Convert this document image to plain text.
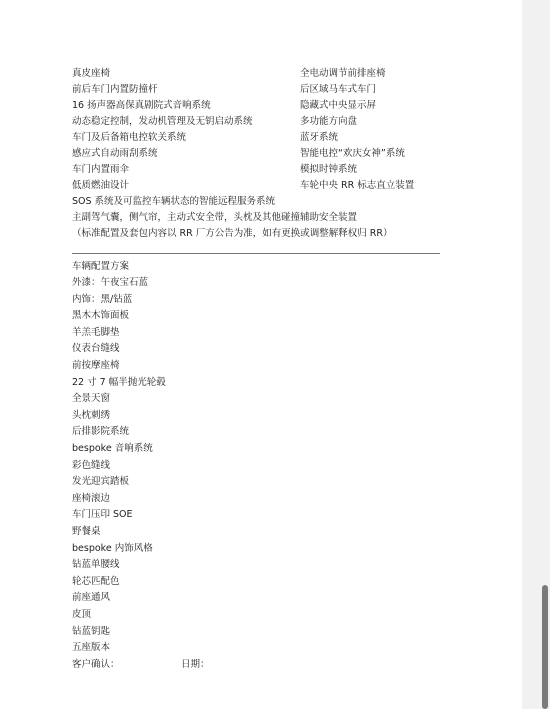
真皮座椅
前后车门内置防撞杆
16 扬声器高保真剧院式音响系统
动态稳定控制，发动机管理及无钥启动系统
车门及后备箱电控软关系统
感应式自动雨刮系统
车门内置雨伞
低质燃油设计
全电动调节前排座椅
后区域马车式车门
隐藏式中央显示屏
多功能方向盘
蓝牙系统
智能电控“欢庆女神”系统
模拟时钟系统
车轮中央 RR 标志直立装置
SOS 系统及可监控车辆状态的智能远程服务系统
主副驾气囊，侧气帘，主动式安全带，头枕及其他碰撞辅助安全装置
（标准配置及套包内容以 RR 厂方公告为准，如有更换或调整解释权归 RR）
车辆配置方案
外漆：午夜宝石蓝
内饰：黑/钻蓝
黑木木饰面板
羊羔毛脚垫
仪表台缝线
前按摩座椅
22 寸 7 幅半抛光轮毂
全景天窗
头枕刺绣
后排影院系统
bespoke 音响系统
彩色缝线
发光迎宾踏板
座椅滚边
车门压印 SOE
野餐桌
bespoke 内饰风格
钻蓝单腰线
轮芯匹配色
前座通风
皮顶
钻蓝钥匙
五座版本
客户确认：	日期：
